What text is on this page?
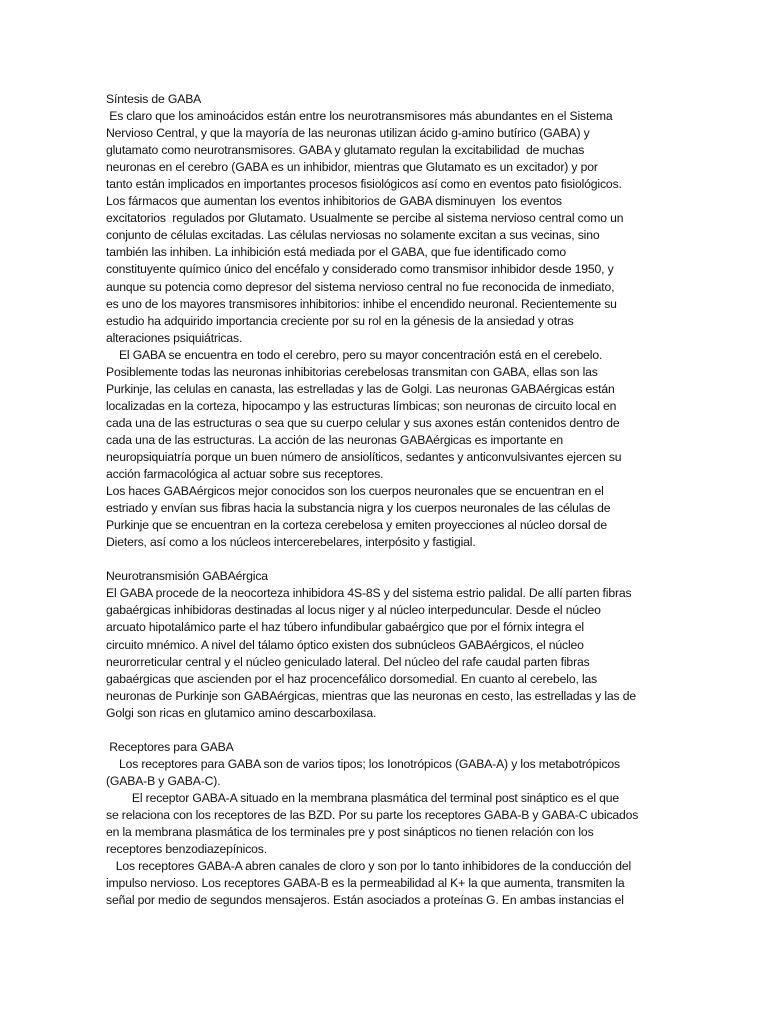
Síntesis de GABA
Es claro que los aminoácidos están entre los neurotransmisores más abundantes en el Sistema
Nervioso Central, y que la mayoría de las neuronas utilizan ácido g-amino butírico (GABA) y
glutamato como neurotransmisores. GABA y glutamato regulan la excitabilidad  de muchas
neuronas en el cerebro (GABA es un inhibidor, mientras que Glutamato es un excitador) y por
tanto están implicados en importantes procesos fisiológicos así como en eventos pato fisiológicos.
Los fármacos que aumentan los eventos inhibitorios de GABA disminuyen  los eventos
excitatorios  regulados por Glutamato. Usualmente se percibe al sistema nervioso central como un
conjunto de células excitadas. Las células nerviosas no solamente excitan a sus vecinas, sino
también las inhiben. La inhibición está mediada por el GABA, que fue identificado como
constituyente químico único del encéfalo y considerado como transmisor inhibidor desde 1950, y
aunque su potencia como depresor del sistema nervioso central no fue reconocida de inmediato,
es uno de los mayores transmisores inhibitorios: inhibe el encendido neuronal. Recientemente su
estudio ha adquirido importancia creciente por su rol en la génesis de la ansiedad y otras
alteraciones psiquiátricas.
El GABA se encuentra en todo el cerebro, pero su mayor concentración está en el cerebelo.
Posiblemente todas las neuronas inhibitorias cerebelosas transmitan con GABA, ellas son las
Purkinje, las celulas en canasta, las estrelladas y las de Golgi. Las neuronas GABAérgicas están
localizadas en la corteza, hipocampo y las estructuras límbicas; son neuronas de circuito local en
cada una de las estructuras o sea que su cuerpo celular y sus axones están contenidos dentro de
cada una de las estructuras. La acción de las neuronas GABAérgicas es importante en
neuropsiquiatría porque un buen número de ansiolíticos, sedantes y anticonvulsivantes ejercen su
acción farmacológica al actuar sobre sus receptores.
Los haces GABAérgicos mejor conocidos son los cuerpos neuronales que se encuentran en el
estriado y envían sus fibras hacia la substancia nigra y los cuerpos neuronales de las células de
Purkinje que se encuentran en la corteza cerebelosa y emiten proyecciones al núcleo dorsal de
Dieters, así como a los núcleos intercerebelares, interpósito y fastigial.
Neurotransmisión GABAérgica
El GABA procede de la neocorteza inhibidora 4S-8S y del sistema estrio palidal. De allí parten fibras
gabaérgicas inhibidoras destinadas al locus niger y al núcleo interpeduncular. Desde el núcleo
arcuato hipotalámico parte el haz túbero infundibular gabaérgico que por el fórnix integra el
circuito mnémico. A nivel del tálamo óptico existen dos subnúcleos GABAérgicos, el núcleo
neurorreticular central y el núcleo geniculado lateral. Del núcleo del rafe caudal parten fibras
gabaérgicas que ascienden por el haz procencefálico dorsomedial. En cuanto al cerebelo, las
neuronas de Purkinje son GABAérgicas, mientras que las neuronas en cesto, las estrelladas y las de
Golgi son ricas en glutamico amino descarboxilasa.
Receptores para GABA
Los receptores para GABA son de varios tipos; los Ionotrópicos (GABA-A) y los metabotrópicos
(GABA-B y GABA-C).
El receptor GABA-A situado en la membrana plasmática del terminal post sináptico es el que
se relaciona con los receptores de las BZD. Por su parte los receptores GABA-B y GABA-C ubicados
en la membrana plasmática de los terminales pre y post sinápticos no tienen relación con los
receptores benzodiazepínicos.
Los receptores GABA-A abren canales de cloro y son por lo tanto inhibidores de la conducción del
impulso nervioso. Los receptores GABA-B es la permeabilidad al K+ la que aumenta, transmiten la
señal por medio de segundos mensajeros. Están asociados a proteínas G. En ambas instancias el
